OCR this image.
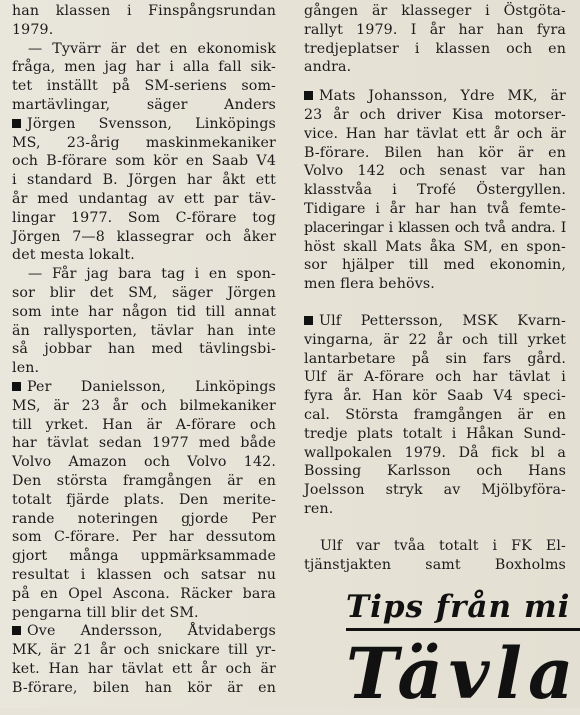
han klassen i Finspångsrundan
1979.
— Tyvärr är det en ekonomisk
fråga, men jag har i alla fall sik-
tet inställt på SM-seriens som-
martävlingar, säger Anders
Jörgen Svensson, Linköpings
MS, 23-årig maskinmekaniker
och B-förare som kör en Saab V4
i standard B. Jörgen har åkt ett
år med undantag av ett par täv-
lingar 1977. Som C-förare tog
Jörgen 7—8 klassegrar och åker
det mesta lokalt.
— Får jag bara tag i en spon-
sor blir det SM, säger Jörgen
som inte har någon tid till annat
än rallysporten, tävlar han inte
så jobbar han med tävlingsbi-
len.
Per Danielsson, Linköpings
MS, är 23 år och bilmekaniker
till yrket. Han är A-förare och
har tävlat sedan 1977 med både
Volvo Amazon och Volvo 142.
Den största framgången är en
totalt fjärde plats. Den merite-
rande noteringen gjorde Per
som C-förare. Per har dessutom
gjort många uppmärksammade
resultat i klassen och satsar nu
på en Opel Ascona. Räcker bara
pengarna till blir det SM.
Ove Andersson, Åtvidabergs
MK, är 21 år och snickare till yr-
ket. Han har tävlat ett år och är
B-förare, bilen han kör är en
gången är klasseger i Östgöta-
rallyt 1979. I år har han fyra
tredjeplatser i klassen och en
andra.
Mats Johansson, Ydre MK, är
23 år och driver Kisa motorser-
vice. Han har tävlat ett år och är
B-förare. Bilen han kör är en
Volvo 142 och senast var han
klasstvåa i Trofé Östergyllen.
Tidigare i år har han två femte-
placeringar i klassen och två andra. I
höst skall Mats åka SM, en spon-
sor hjälper till med ekonomin,
men flera behövs.
Ulf Pettersson, MSK Kvarn-
vingarna, är 22 år och till yrket
lantarbetare på sin fars gård.
Ulf är A-förare och har tävlat i
fyra år. Han kör Saab V4 speci-
cal. Största framgången är en
tredje plats totalt i Håkan Sund-
wallpokalen 1979. Då fick bl a
Bossing Karlsson och Hans
Joelsson stryk av Mjölbyföra-
ren.
Ulf var tvåa totalt i FK El-
tjänstjakten samt Boxholms
Tips från mi
Tävla
